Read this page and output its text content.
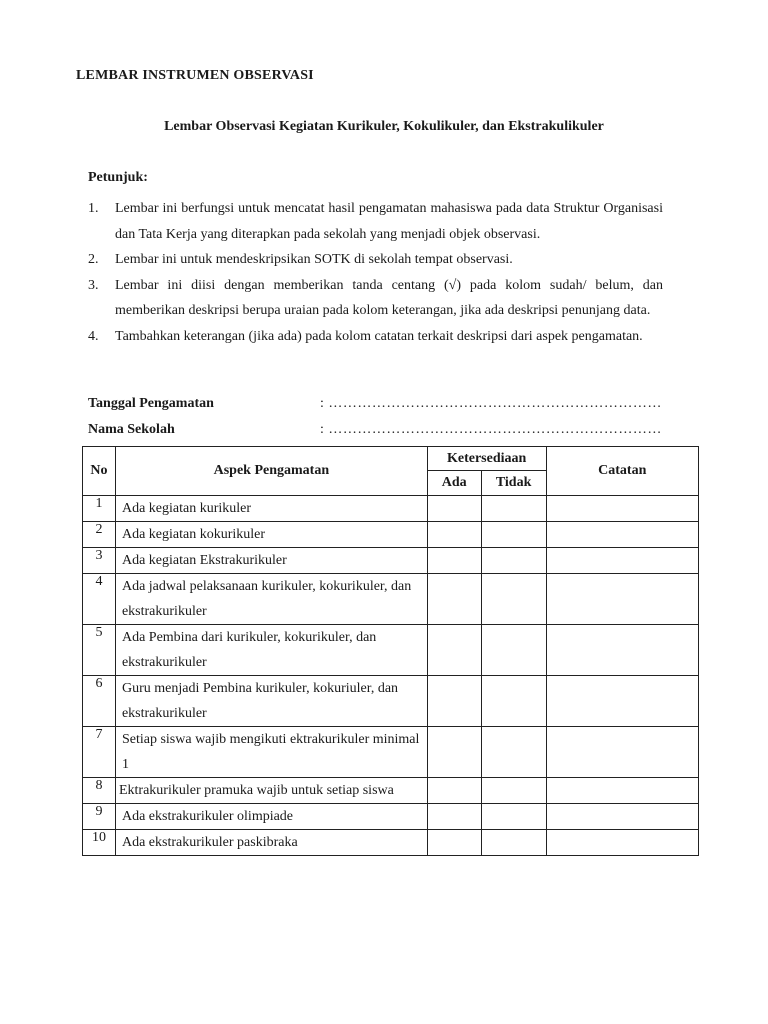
LEMBAR INSTRUMEN OBSERVASI
Lembar Observasi Kegiatan Kurikuler, Kokulikuler, dan Ekstrakulikuler
Petunjuk:
1. Lembar ini berfungsi untuk mencatat hasil pengamatan mahasiswa pada data Struktur Organisasi dan Tata Kerja yang diterapkan pada sekolah yang menjadi objek observasi.
2. Lembar ini untuk mendeskripsikan SOTK di sekolah tempat observasi.
3. Lembar ini diisi dengan memberikan tanda centang (√) pada kolom sudah/ belum, dan memberikan deskripsi berupa uraian pada kolom keterangan, jika ada deskripsi penunjang data.
4. Tambahkan keterangan (jika ada) pada kolom catatan terkait deskripsi dari aspek pengamatan.
Tanggal Pengamatan	: ……………………………………………………………
Nama Sekolah	: ……………………………………………………………
No	Aspek Pengamatan	Ketersediaan		Catatan
		Ada	Tidak	
1	Ada kegiatan kurikuler			
2	Ada kegiatan kokurikuler			
3	Ada kegiatan Ekstrakurikuler			
4	Ada jadwal pelaksanaan kurikuler, kokurikuler, dan ekstrakurikuler			
5	Ada Pembina dari kurikuler, kokurikuler, dan ekstrakurikuler			
6	Guru menjadi Pembina kurikuler, kokuriuler, dan ekstrakurikuler			
7	Setiap siswa wajib mengikuti ektrakurikuler minimal 1			
8	Ektrakurikuler pramuka wajib untuk setiap siswa			
9	Ada ekstrakurikuler olimpiade			
10	Ada ekstrakurikuler paskibraka			
